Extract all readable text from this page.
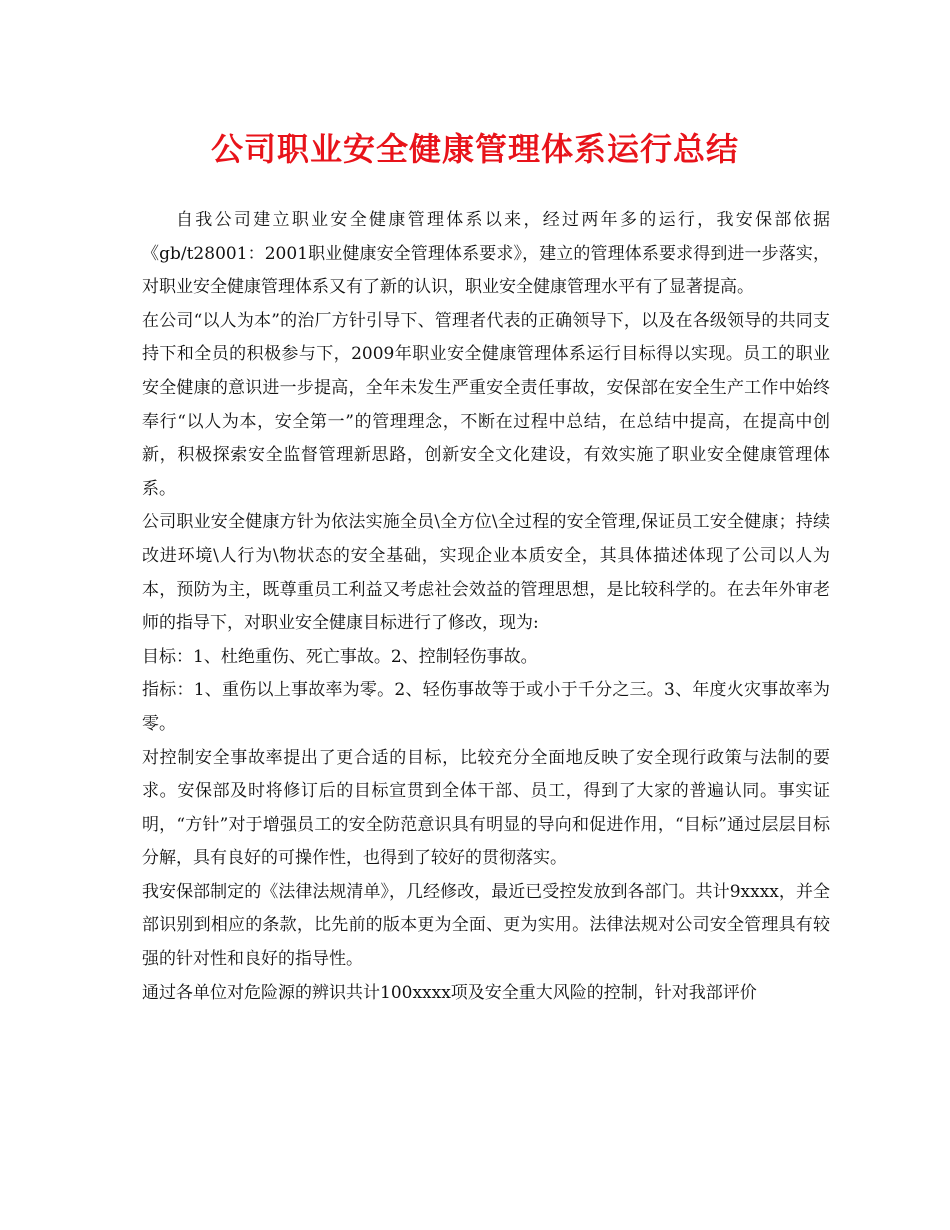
公司职业安全健康管理体系运行总结

自我公司建立职业安全健康管理体系以来，经过两年多的运行，我安保部依据《gb/t28001：2001职业健康安全管理体系要求》，建立的管理体系要求得到进一步落实，对职业安全健康管理体系又有了新的认识，职业安全健康管理水平有了显著提高。

在公司“以人为本”的治厂方针引导下、管理者代表的正确领导下，以及在各级领导的共同支持下和全员的积极参与下，2009年职业安全健康管理体系运行目标得以实现。员工的职业安全健康的意识进一步提高，全年未发生严重安全责任事故，安保部在安全生产工作中始终奉行“以人为本，安全第一”的管理理念，不断在过程中总结，在总结中提高，在提高中创新，积极探索安全监督管理新思路，创新安全文化建设，有效实施了职业安全健康管理体系。

公司职业安全健康方针为依法实施全员\全方位\全过程的安全管理,保证员工安全健康；持续改进环境\人行为\物状态的安全基础，实现企业本质安全，其具体描述体现了公司以人为本，预防为主，既尊重员工利益又考虑社会效益的管理思想，是比较科学的。在去年外审老师的指导下，对职业安全健康目标进行了修改，现为:

目标：1、杜绝重伤、死亡事故。2、控制轻伤事故。

指标：1、重伤以上事故率为零。2、轻伤事故等于或小于千分之三。3、年度火灾事故率为零。

对控制安全事故率提出了更合适的目标，比较充分全面地反映了安全现行政策与法制的要求。安保部及时将修订后的目标宣贯到全体干部、员工，得到了大家的普遍认同。事实证明，“方针”对于增强员工的安全防范意识具有明显的导向和促进作用，“目标”通过层层目标分解，具有良好的可操作性，也得到了较好的贯彻落实。

我安保部制定的《法律法规清单》，几经修改，最近已受控发放到各部门。共计9xxxx，并全部识别到相应的条款，比先前的版本更为全面、更为实用。法律法规对公司安全管理具有较强的针对性和良好的指导性。

通过各单位对危险源的辨识共计100xxxx项及安全重大风险的控制，针对我部评价
